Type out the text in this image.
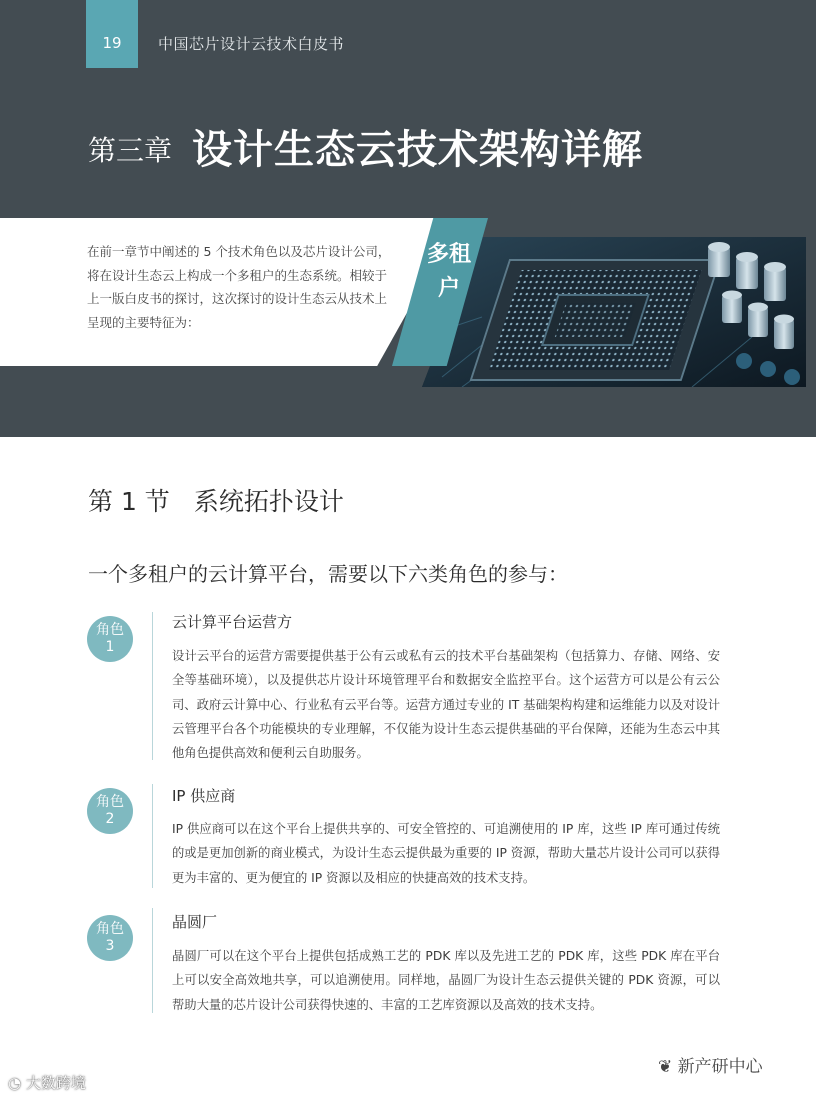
19	中国芯片设计云技术白皮书
第三章 设计生态云技术架构详解
在前一章节中阐述的 5 个技术角色以及芯片设计公司，将在设计生态云上构成一个多租户的生态系统。相较于上一版白皮书的探讨，这次探讨的设计生态云从技术上呈现的主要特征为：
多租户
第 1 节 系统拓扑设计
一个多租户的云计算平台，需要以下六类角色的参与：
角色
1
云计算平台运营方
设计云平台的运营方需要提供基于公有云或私有云的技术平台基础架构（包括算力、存储、网络、安全等基础环境），以及提供芯片设计环境管理平台和数据安全监控平台。这个运营方可以是公有云公司、政府云计算中心、行业私有云平台等。运营方通过专业的 IT 基础架构构建和运维能力以及对设计云管理平台各个功能模块的专业理解，不仅能为设计生态云提供基础的平台保障，还能为生态云中其他角色提供高效和便利云自助服务。
角色
2
IP 供应商
IP 供应商可以在这个平台上提供共享的、可安全管控的、可追溯使用的 IP 库，这些 IP 库可通过传统的或是更加创新的商业模式，为设计生态云提供最为重要的 IP 资源，帮助大量芯片设计公司可以获得更为丰富的、更为便宜的 IP 资源以及相应的快捷高效的技术支持。
角色
3
晶圆厂
晶圆厂可以在这个平台上提供包括成熟工艺的 PDK 库以及先进工艺的 PDK 库，这些 PDK 库在平台上可以安全高效地共享，可以追溯使用。同样地，晶圆厂为设计生态云提供关键的 PDK 资源，可以帮助大量的芯片设计公司获得快速的、丰富的工艺库资源以及高效的技术支持。
◔ 大数跨境
❦ 新产研中心
